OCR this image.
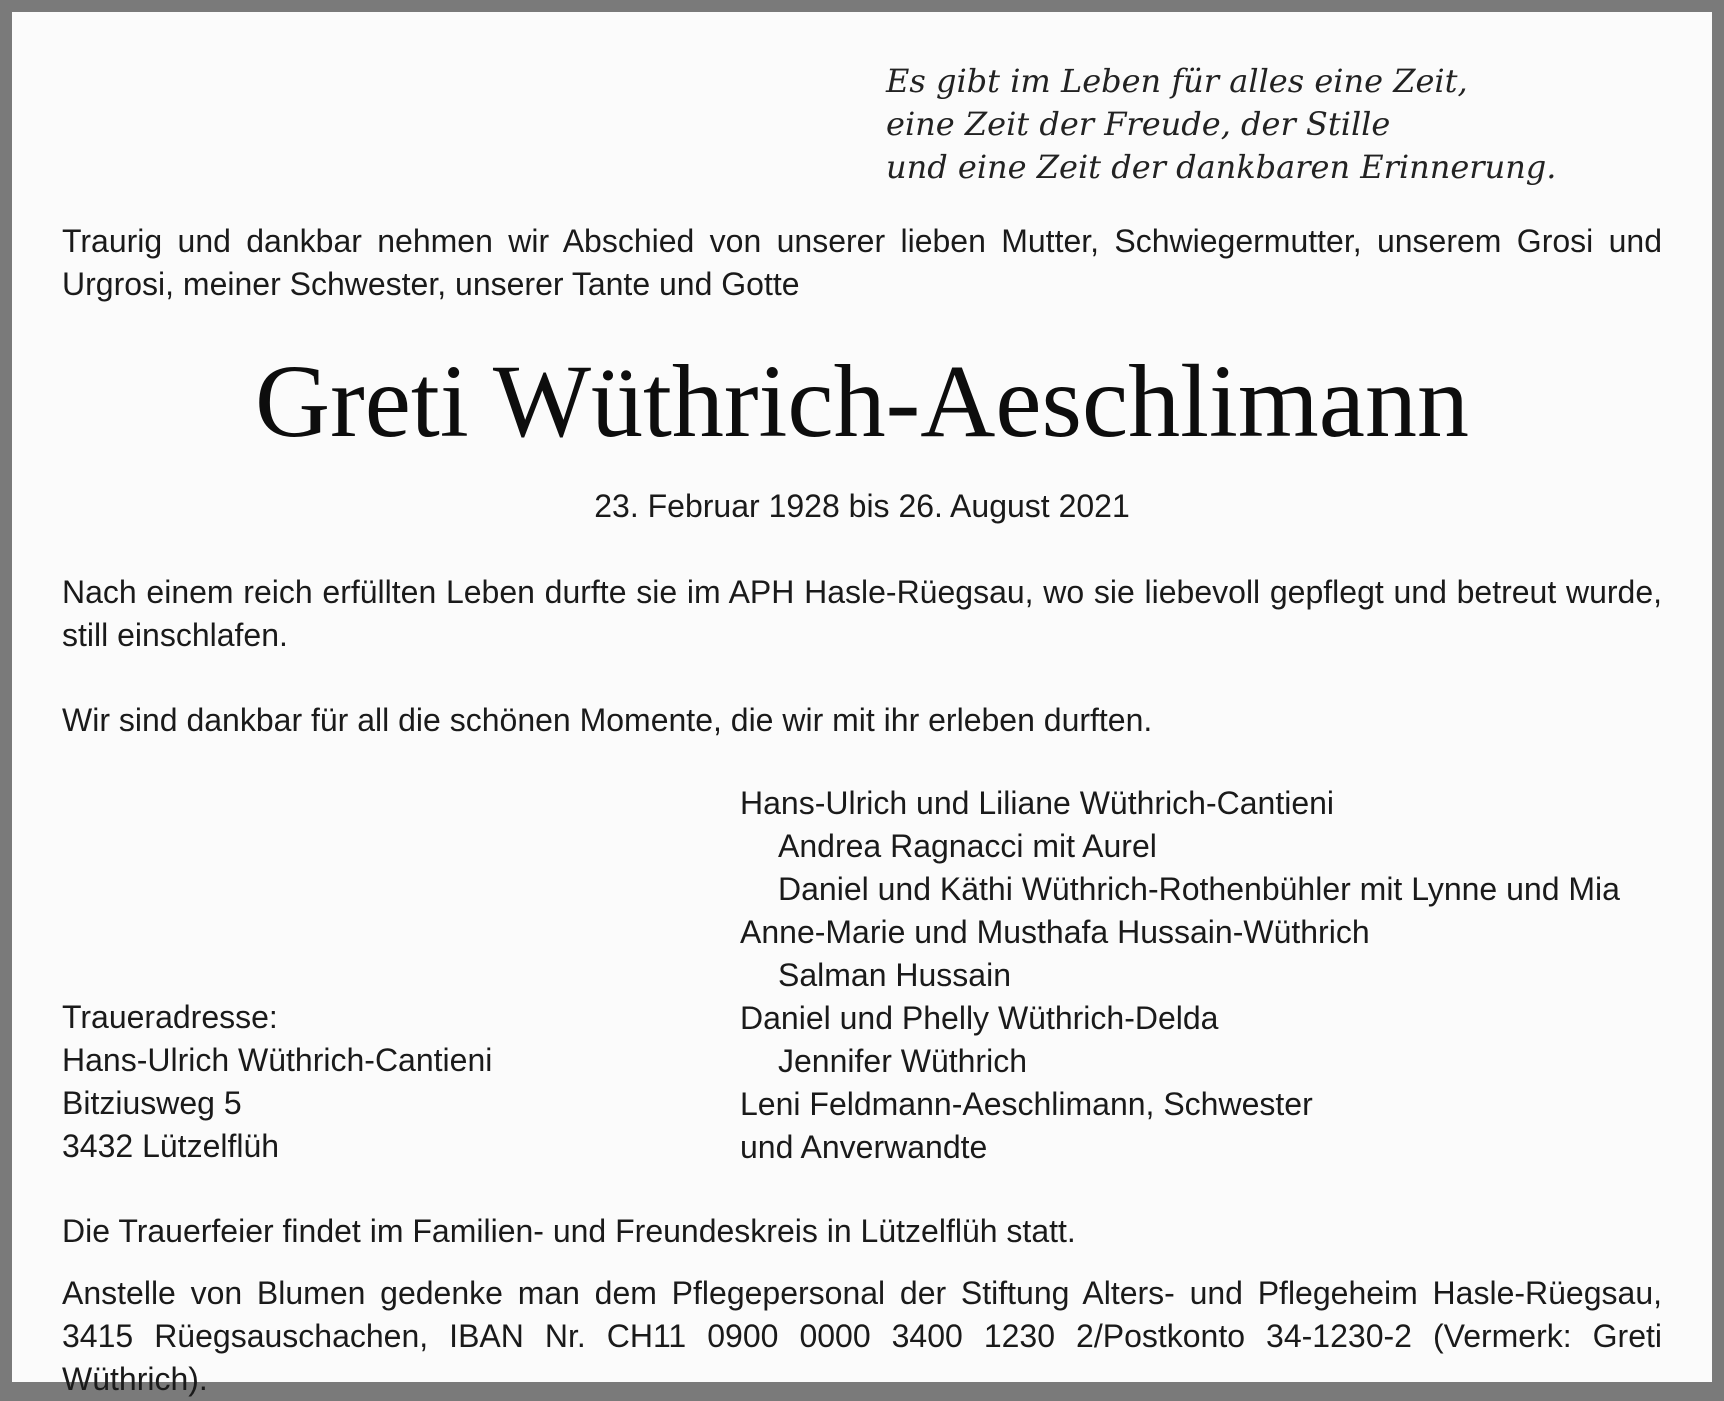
Es gibt im Leben für alles eine Zeit,
eine Zeit der Freude, der Stille
und eine Zeit der dankbaren Erinnerung.
Traurig und dankbar nehmen wir Abschied von unserer lieben Mutter, Schwiegermutter, unserem Grosi und Urgrosi, meiner Schwester, unserer Tante und Gotte
Greti Wüthrich-Aeschlimann
23. Februar 1928 bis 26. August 2021
Nach einem reich erfüllten Leben durfte sie im APH Hasle-Rüegsau, wo sie liebevoll gepflegt und betreut wurde, still einschlafen.
Wir sind dankbar für all die schönen Momente, die wir mit ihr erleben durften.
Hans-Ulrich und Liliane Wüthrich-Cantieni
Andrea Ragnacci mit Aurel
Daniel und Käthi Wüthrich-Rothenbühler mit Lynne und Mia
Anne-Marie und Musthafa Hussain-Wüthrich
Salman Hussain
Daniel und Phelly Wüthrich-Delda
Jennifer Wüthrich
Leni Feldmann-Aeschlimann, Schwester
und Anverwandte
Traueradresse:
Hans-Ulrich Wüthrich-Cantieni
Bitziusweg 5
3432 Lützelflüh
Die Trauerfeier findet im Familien- und Freundeskreis in Lützelflüh statt.
Anstelle von Blumen gedenke man dem Pflegepersonal der Stiftung Alters- und Pflegeheim Hasle-Rüegsau, 3415 Rüegsauschachen, IBAN Nr. CH11 0900 0000 3400 1230 2/Postkonto 34-1230-2 (Vermerk: Greti Wüthrich).
